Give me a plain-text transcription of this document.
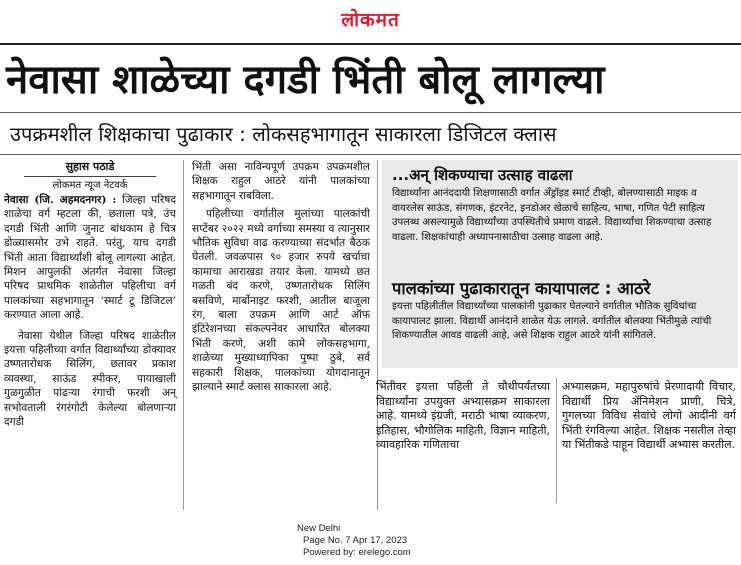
लोकमत
नेवासा शाळेच्या दगडी भिंती बोलू लागल्या
उपक्रमशील शिक्षकाचा पुढाकार : लोकसहभागातून साकारला डिजिटल क्लास
सुहास पठाडे
लोकमत न्यूज नेटवर्क

नेवासा (जि. अहमदनगर) : जिल्हा परिषद शाळेचा वर्ग म्हटला की, छताला पत्रे, उंच दगडी भिंती आणि जुनाट बांधकाम हे चित्र डोळ्यासमोर उभे राहते. परंतु, याच दगडी भिंती आता विद्यार्थ्यांशी बोलू लागल्या आहेत. मिशन आपुलकी अंतर्गत नेवासा जिल्हा परिषद प्राथमिक शाळेतील पहिलीचा वर्ग पालकांच्या सहभागातून ‘स्मार्ट टू डिजिटल’ करण्यात आला आहे.

नेवासा येथील जिल्हा परिषद शाळेतील इयत्ता पहिलीच्या वर्गात विद्यार्थ्यांच्या डोक्यावर उष्णतारोधक सिलिंग, छतावर प्रकाश व्यवस्था, साऊंड स्पीकर, पायाखाली गुळगुळीत पांढऱ्या रंगाची फरशी अन् सभोवताली रंगरंगोटी केलेल्या बोलणाऱ्या दगडी

भिंती असा नाविन्यपूर्ण उपक्रम उपक्रमशील शिक्षक राहुल आठरे यांनी पालकांच्या सहभागातून राबविला.

पहिलीच्या वर्गातील मुलांच्या पालकांची सप्टेंबर २०२२ मध्ये वर्गाच्या समस्या व त्यानुसार भौतिक सुविधा वाढ करण्याच्या संदर्भात बैठक घेतली. जवळपास ९० हजार रुपये खर्चाचा कामाचा आराखडा तयार केला. यामध्ये छत गळती बंद करणे, उष्णतारोधक सिलिंग बसविणे, मार्बोनाइट फरशी, आतील बाजूला रंग, बाला उपक्रम आणि आर्ट ऑफ इंटिरेशनच्या संकल्पनेवर आधारित बोलक्या भिंती करणे, अशी कामे लोकसहभागा, शाळेच्या मुख्याध्यापिका पुष्पा ठुबे, सर्व सहकारी शिक्षक, पालकांच्या योगदानातून झाल्याने स्मार्ट क्लास साकारला आहे.

...अन् शिकण्याचा उत्साह वाढला
विद्यार्थ्यांना आनंददायी शिक्षणासाठी वर्गात अँड्रॉइड स्मार्ट टीव्ही, बोलण्यासाठी माइक व वायरलेस साऊंड, संगणक, इंटरनेट, इनडोअर खेळाचे साहित्य, भाषा, गणित पेटी साहित्य उपलब्ध असल्यामुळे विद्यार्थ्यांच्या उपस्थितीचे प्रमाण वाढले. विद्यार्थ्यांचा शिकण्याचा उत्साह वाढला. शिक्षकांचाही अध्यापनासाठीचा उत्साह वाढला आहे.
पालकांच्या पुढाकारातून कायापालट : आठरे
इयत्ता पहिलीतील विद्यार्थ्यांच्या पालकांनी पुढाकार घेतल्याने वर्गातील भौतिक सुविधांचा कायापालट झाला. विद्यार्थी आनंदाने शाळेत येऊ लागले. वर्गातील बोलक्या भिंतीमुळे त्यांची शिकण्यातील आवड वाढली आहे, असे शिक्षक राहुल आठरे यांनी सांगितले.

भिंतीवर इयत्ता पहिली ते चौथीपर्यंतच्या विद्यार्थ्यांना उपयुक्त अभ्यासक्रम साकारला आहे. यामध्ये इंग्रजी, मराठी भाषा व्याकरण, इतिहास, भौगोलिक माहिती, विज्ञान माहिती, व्यावहारिक गणिताचा

अभ्यासक्रम, महापुरुषांचे प्रेरणादायी विचार, विद्यार्थी प्रिय ॲनिमेशन प्राणी, चित्रे, गुगलच्या विविध सेवांचे लोगो आदींनी वर्ग भिंती रंगविल्या आहेत. शिक्षक नसतील तेव्हा या भिंतीकडे पाहून विद्यार्थी अभ्यास करतील.

New Delhi
Page No. 7 Apr 17, 2023
Powered by: erelego.com
